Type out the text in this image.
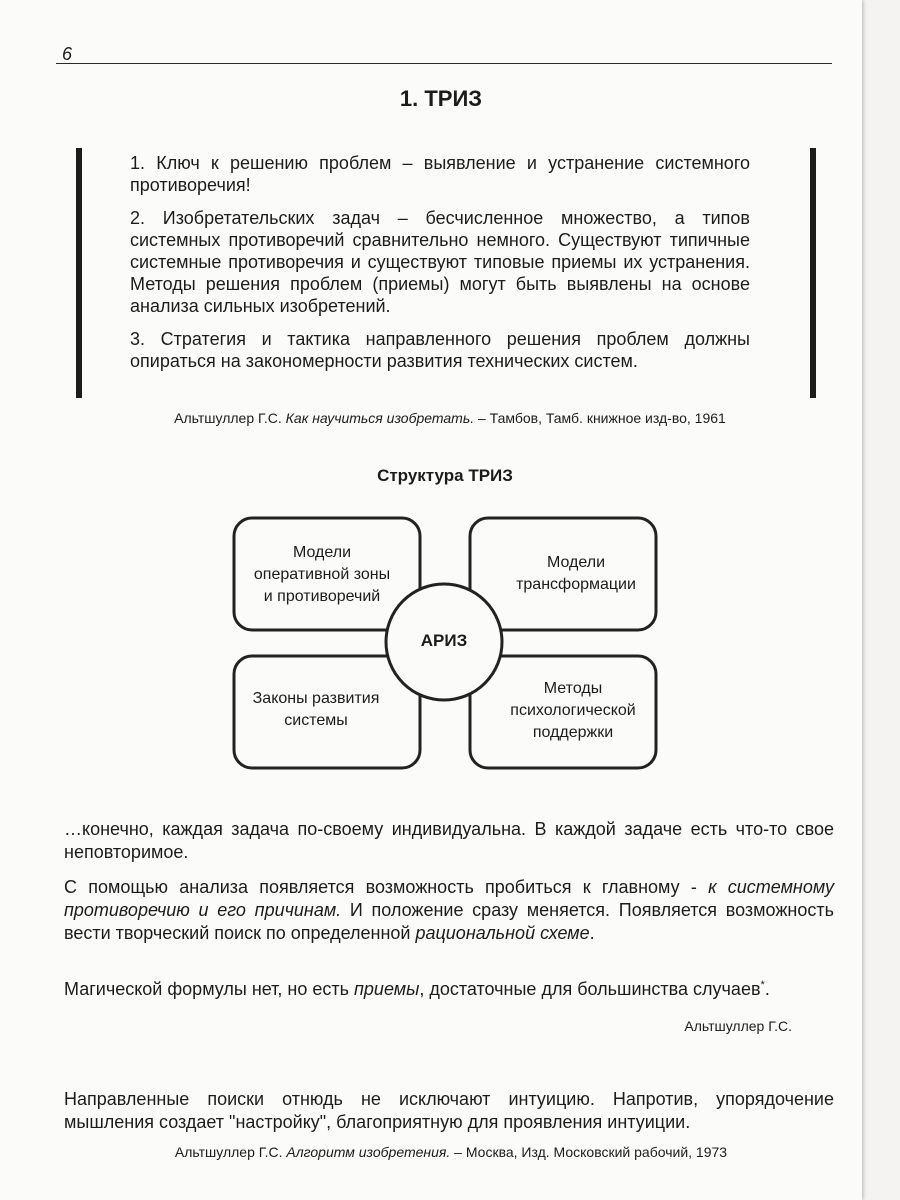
6
1. ТРИЗ

1. Ключ к решению проблем – выявление и устранение системного противоречия!

2. Изобретательских задач – бесчисленное множество, а типов системных противоречий сравнительно немного. Существуют типичные системные противоречия и существуют типовые приемы их устранения. Методы решения проблем (приемы) могут быть выявлены на основе анализа сильных изобретений.

3. Стратегия и тактика направленного решения проблем должны опираться на закономерности развития технических систем.

Альтшуллер Г.С. Как научиться изобретать. – Тамбов, Тамб. книжное изд-во, 1961
Структура ТРИЗ
Модели
оперативной зоны
и противоречий
Модели
трансформации
Законы развития
системы
Методы
психологической
поддержки
АРИЗ

…конечно, каждая задача по-своему индивидуальна. В каждой задаче есть что-то свое неповторимое.

С помощью анализа появляется возможность пробиться к главному - к системному противоречию и его причинам. И положение сразу меняется. Появляется возможность вести творческий поиск по определенной рациональной схеме.

Магической формулы нет, но есть приемы, достаточные для большинства случаев*.

Альтшуллер Г.С.

Направленные поиски отнюдь не исключают интуицию. Напротив, упорядочение мышления создает "настройку", благоприятную для проявления интуиции.

Альтшуллер Г.С. Алгоритм изобретения. – Москва, Изд. Московский рабочий, 1973
